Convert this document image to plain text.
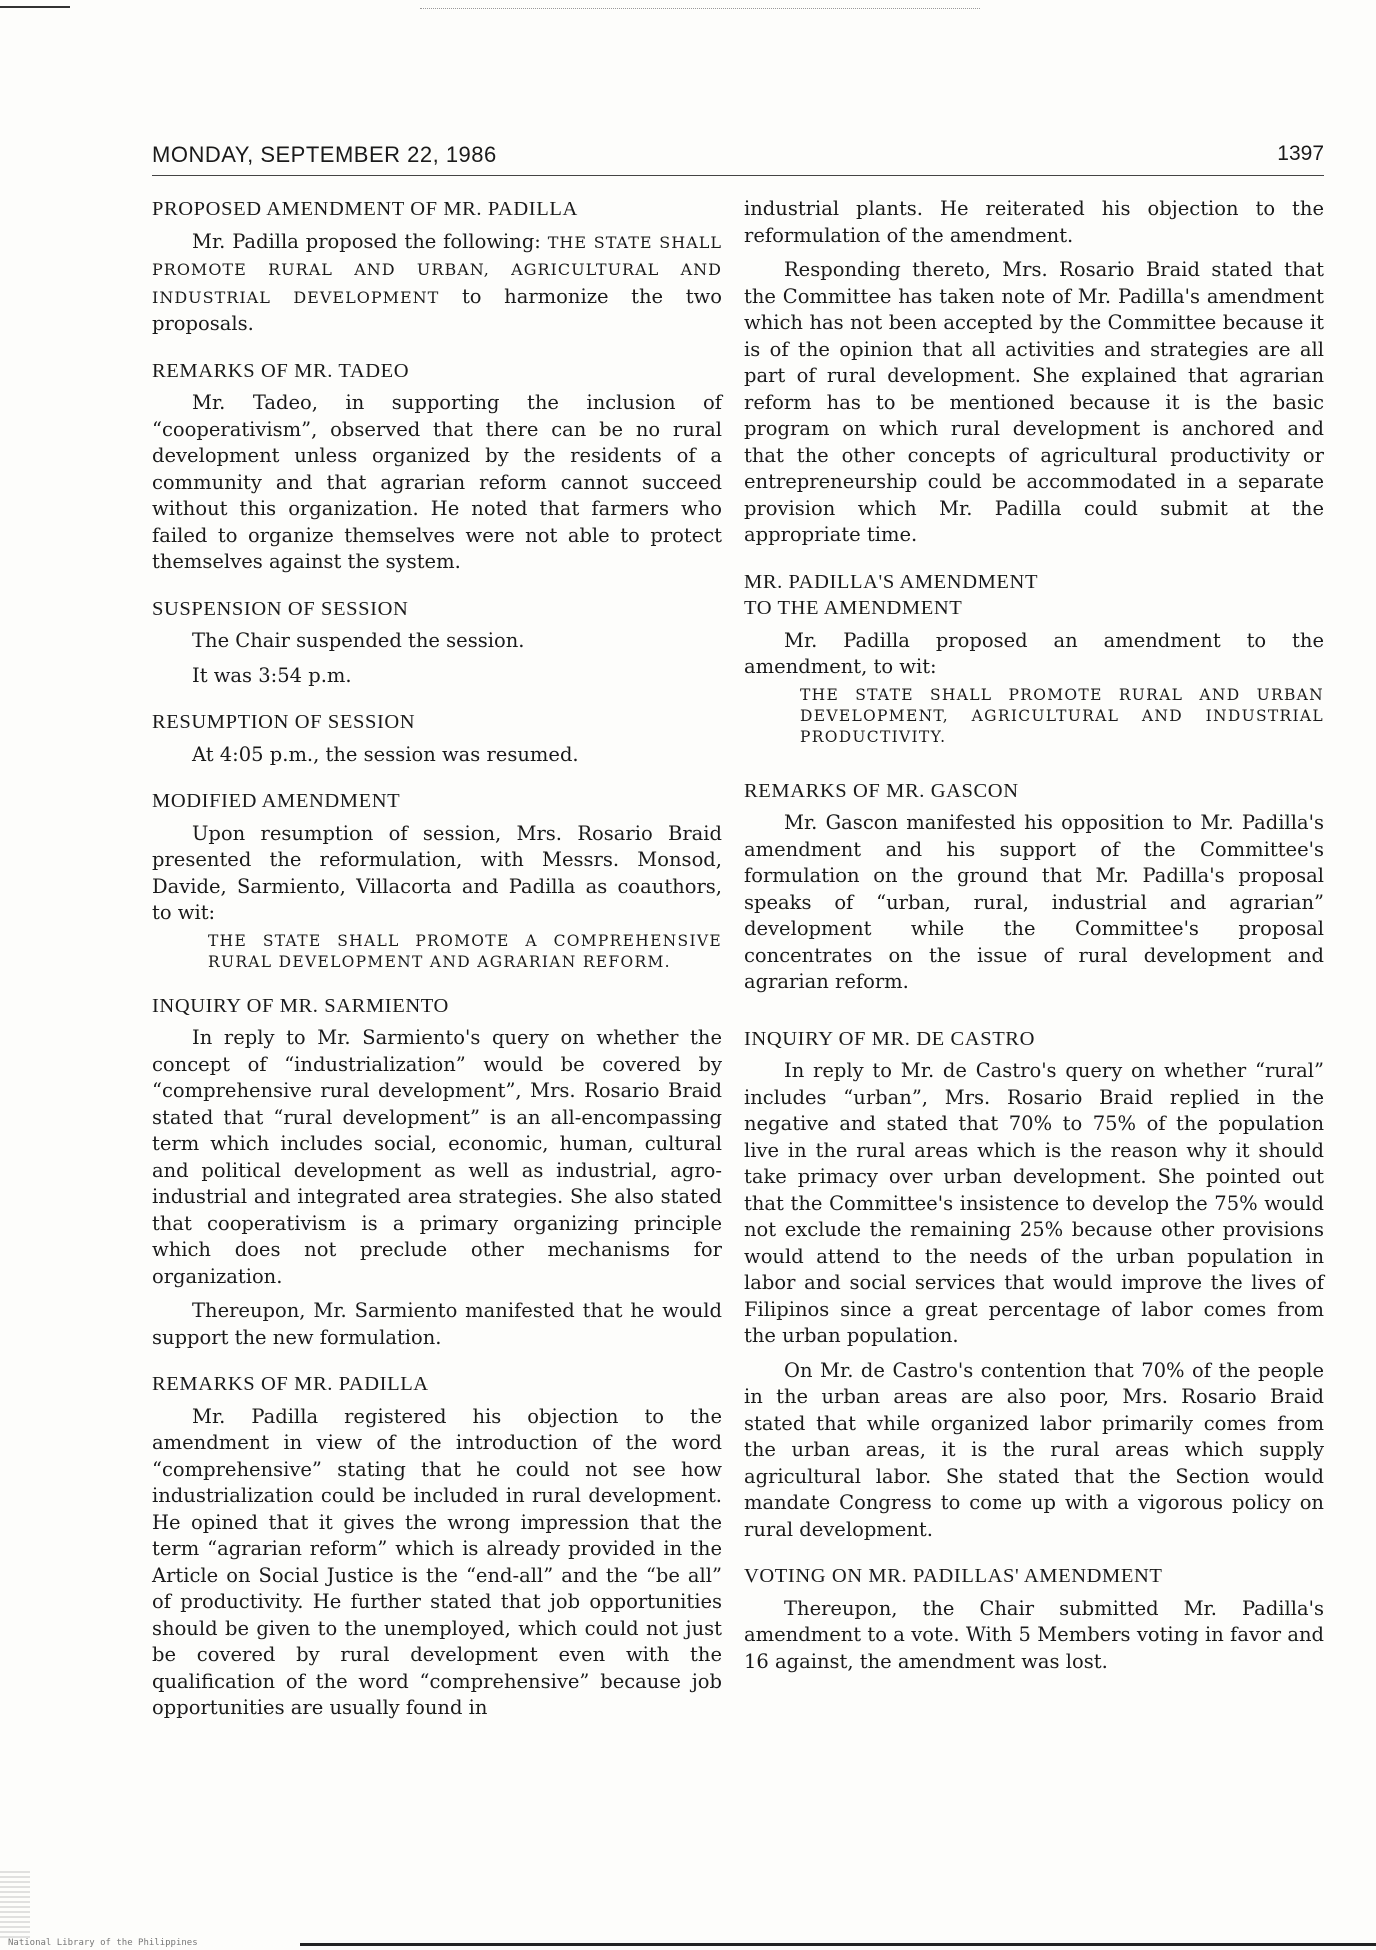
MONDAY, SEPTEMBER 22, 1986	1397
PROPOSED AMENDMENT OF MR. PADILLA

Mr. Padilla proposed the following: THE STATE SHALL PROMOTE RURAL AND URBAN, AGRICULTURAL AND INDUSTRIAL DEVELOPMENT to harmonize the two proposals.

REMARKS OF MR. TADEO

Mr. Tadeo, in supporting the inclusion of “cooperativism”, observed that there can be no rural development unless organized by the residents of a community and that agrarian reform cannot succeed without this organization. He noted that farmers who failed to organize themselves were not able to protect themselves against the system.

SUSPENSION OF SESSION

The Chair suspended the session.

It was 3:54 p.m.

RESUMPTION OF SESSION

At 4:05 p.m., the session was resumed.

MODIFIED AMENDMENT

Upon resumption of session, Mrs. Rosario Braid presented the reformulation, with Messrs. Monsod, Davide, Sarmiento, Villacorta and Padilla as coauthors, to wit:

THE STATE SHALL PROMOTE A COMPREHENSIVE RURAL DEVELOPMENT AND AGRARIAN REFORM.
INQUIRY OF MR. SARMIENTO

In reply to Mr. Sarmiento's query on whether the concept of “industrialization” would be covered by “comprehensive rural development”, Mrs. Rosario Braid stated that “rural development” is an all-encompassing term which includes social, economic, human, cultural and political development as well as industrial, agro-industrial and integrated area strategies. She also stated that cooperativism is a primary organizing principle which does not preclude other mechanisms for organization.

Thereupon, Mr. Sarmiento manifested that he would support the new formulation.

REMARKS OF MR. PADILLA

Mr. Padilla registered his objection to the amendment in view of the introduction of the word “comprehensive” stating that he could not see how industrialization could be included in rural development. He opined that it gives the wrong impression that the term “agrarian reform” which is already provided in the Article on Social Justice is the “end-all” and the “be all” of productivity. He further stated that job opportunities should be given to the unemployed, which could not just be covered by rural development even with the qualification of the word “comprehensive” because job opportunities are usually found in

industrial plants. He reiterated his objection to the reformulation of the amendment.

Responding thereto, Mrs. Rosario Braid stated that the Committee has taken note of Mr. Padilla's amendment which has not been accepted by the Committee because it is of the opinion that all activities and strategies are all part of rural development. She explained that agrarian reform has to be mentioned because it is the basic program on which rural development is anchored and that the other concepts of agricultural productivity or entrepreneurship could be accommodated in a separate provision which Mr. Padilla could submit at the appropriate time.

MR. PADILLA'S AMENDMENT
TO THE AMENDMENT

Mr. Padilla proposed an amendment to the amendment, to wit:

THE STATE SHALL PROMOTE RURAL AND URBAN DEVELOPMENT, AGRICULTURAL AND INDUSTRIAL PRODUCTIVITY.
REMARKS OF MR. GASCON

Mr. Gascon manifested his opposition to Mr. Padilla's amendment and his support of the Committee's formulation on the ground that Mr. Padilla's proposal speaks of “urban, rural, industrial and agrarian” development while the Committee's proposal concentrates on the issue of rural development and agrarian reform.

INQUIRY OF MR. DE CASTRO

In reply to Mr. de Castro's query on whether “rural” includes “urban”, Mrs. Rosario Braid replied in the negative and stated that 70% to 75% of the population live in the rural areas which is the reason why it should take primacy over urban development. She pointed out that the Committee's insistence to develop the 75% would not exclude the remaining 25% because other provisions would attend to the needs of the urban population in labor and social services that would improve the lives of Filipinos since a great percentage of labor comes from the urban population.

On Mr. de Castro's contention that 70% of the people in the urban areas are also poor, Mrs. Rosario Braid stated that while organized labor primarily comes from the urban areas, it is the rural areas which supply agricultural labor. She stated that the Section would mandate Congress to come up with a vigorous policy on rural development.

VOTING ON MR. PADILLAS' AMENDMENT

Thereupon, the Chair submitted Mr. Padilla's amendment to a vote. With 5 Members voting in favor and 16 against, the amendment was lost.

National Library of the Philippines
